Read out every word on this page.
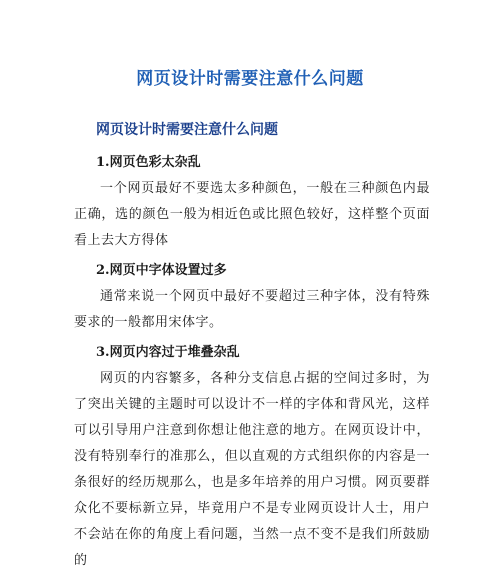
网页设计时需要注意什么问题
网页设计时需要注意什么问题
1.网页色彩太杂乱

一个网页最好不要选太多种颜色，一般在三种颜色内最正确，选的颜色一般为相近色或比照色较好，这样整个页面看上去大方得体

2.网页中字体设置过多

通常来说一个网页中最好不要超过三种字体，没有特殊要求的一般都用宋体字。

3.网页内容过于堆叠杂乱

网页的内容繁多，各种分支信息占据的空间过多时，为了突出关键的主题时可以设计不一样的字体和背风光，这样可以引导用户注意到你想让他注意的地方。在网页设计中，没有特别奉行的准那么，但以直观的方式组织你的内容是一条很好的经历规那么，也是多年培养的用户习惯。网页要群众化不要标新立异，毕竟用户不是专业网页设计人士，用户不会站在你的角度上看问题，当然一点不变不是我们所鼓励的
